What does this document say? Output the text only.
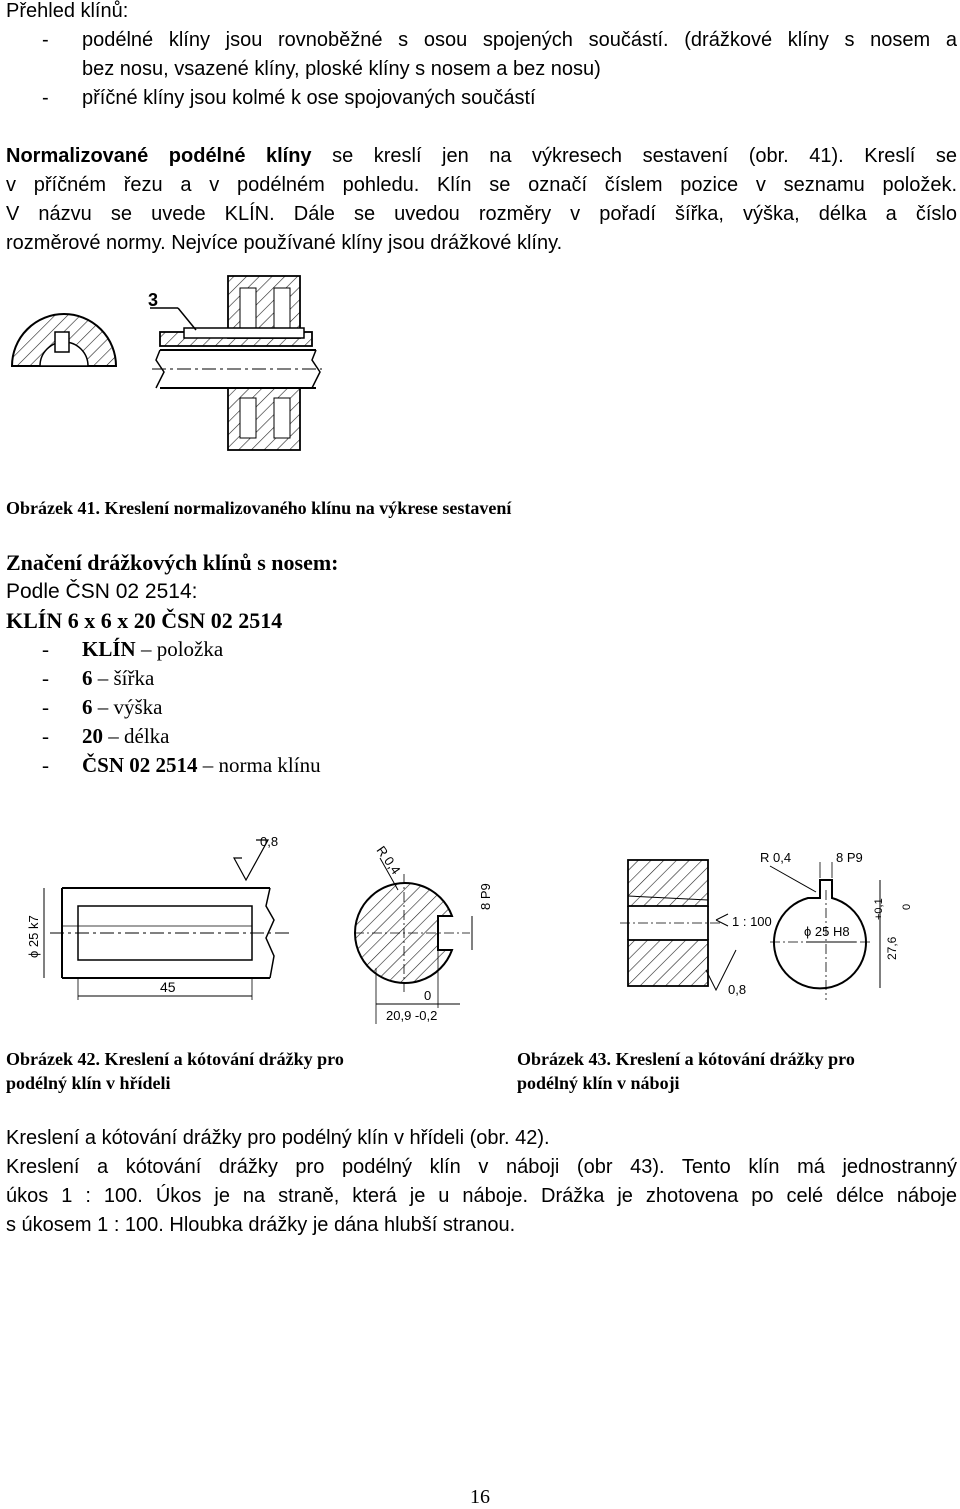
Přehled klínů:
- podélné klíny jsou rovnoběžné s osou spojených součástí. (drážkové klíny s nosem a
bez nosu, vsazené klíny, ploské klíny s nosem a bez nosu)
- příčné klíny jsou kolmé k ose spojovaných součástí
Normalizované podélné klíny se kreslí jen na výkresech sestavení (obr. 41). Kreslí se
v příčném řezu a v podélném pohledu. Klín se označí číslem pozice v seznamu položek.
V názvu se uvede KLÍN. Dále se uvedou rozměry v pořadí šířka, výška, délka a číslo
rozměrové normy. Nejvíce používané klíny jsou drážkové klíny.
3
Obrázek 41. Kreslení normalizovaného klínu na výkrese sestavení
Značení drážkových klínů s nosem:
Podle ČSN 02 2514:
KLÍN 6 x 6 x 20 ČSN 02 2514
- KLÍN – položka
- 6 – šířka
- 6 – výška
- 20 – délka
- ČSN 02 2514 – norma klínu
0,8
ϕ 25 k7
45
R 0,4
8 P9
0
20,9 -0,2
Obrázek 42. Kreslení a kótování drážky pro
podélný klín v hřídeli
R 0,4	8 P9
1 : 100
ϕ 25 H8
27,6
+0,1 0
0,8
Obrázek 43. Kreslení a kótování drážky pro
podélný klín v náboji
Kreslení a kótování drážky pro podélný klín v hřídeli (obr. 42).
Kreslení a kótování drážky pro podélný klín v náboji (obr 43). Tento klín má jednostranný
úkos 1 : 100. Úkos je na straně, která je u náboje. Drážka je zhotovena po celé délce náboje
s úkosem 1 : 100. Hloubka drážky je dána hlubší stranou.
16
